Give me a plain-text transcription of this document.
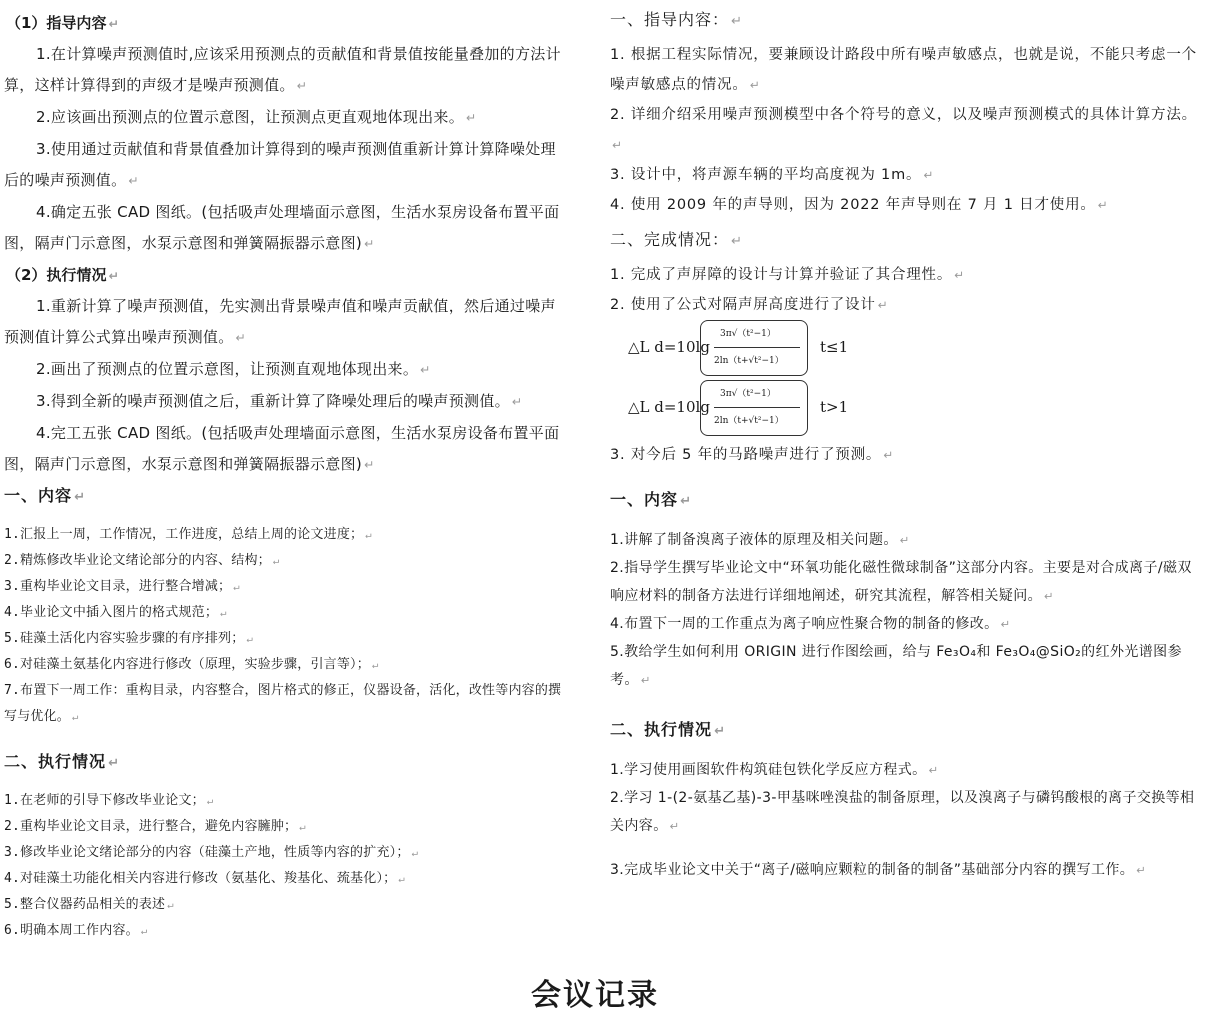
（1）指导内容 ↵

1.在计算噪声预测值时,应该采用预测点的贡献值和背景值按能量叠加的方法计算，这样计算得到的声级才是噪声预测值。 ↵

2.应该画出预测点的位置示意图，让预测点更直观地体现出来。 ↵

3.使用通过贡献值和背景值叠加计算得到的噪声预测值重新计算计算降噪处理后的噪声预测值。 ↵

4.确定五张 CAD 图纸。(包括吸声处理墙面示意图，生活水泵房设备布置平面图，隔声门示意图，水泵示意图和弹簧隔振器示意图) ↵

（2）执行情况 ↵

1.重新计算了噪声预测值，先实测出背景噪声值和噪声贡献值，然后通过噪声预测值计算公式算出噪声预测值。 ↵

2.画出了预测点的位置示意图，让预测直观地体现出来。 ↵

3.得到全新的噪声预测值之后，重新计算了降噪处理后的噪声预测值。 ↵

4.完工五张 CAD 图纸。(包括吸声处理墙面示意图，生活水泵房设备布置平面图，隔声门示意图，水泵示意图和弹簧隔振器示意图) ↵

一、指导内容： ↵

1. 根据工程实际情况，要兼顾设计路段中所有噪声敏感点，也就是说，不能只考虑一个噪声敏感点的情况。 ↵

2. 详细介绍采用噪声预测模型中各个符号的意义，以及噪声预测模式的具体计算方法。↵

3. 设计中，将声源车辆的平均高度视为 1m。 ↵

4. 使用 2009 年的声导则，因为 2022 年声导则在 7 月 1 日才使用。 ↵

二、完成情况： ↵

1. 完成了声屏障的设计与计算并验证了其合理性。 ↵

2. 使用了公式对隔声屏高度进行了设计 ↵

△L d=10lg
3π√（t²−1）
2ln（t+√t²−1）
t≤1
△L d=10lg
3π√（t²−1）
2ln（t+√t²−1）
t>1

3. 对今后 5 年的马路噪声进行了预测。 ↵

一、内容 ↵

1.汇报上一周，工作情况，工作进度，总结上周的论文进度； ↵

2.精炼修改毕业论文绪论部分的内容、结构； ↵

3.重构毕业论文目录，进行整合增减； ↵

4.毕业论文中插入图片的格式规范； ↵

5.硅藻土活化内容实验步骤的有序排列； ↵

6.对硅藻土氨基化内容进行修改（原理，实验步骤，引言等）； ↵

7.布置下一周工作：重构目录，内容整合，图片格式的修正，仪器设备，活化，改性等内容的撰写与优化。 ↵

二、执行情况 ↵

1.在老师的引导下修改毕业论文； ↵

2.重构毕业论文目录，进行整合，避免内容臃肿； ↵

3.修改毕业论文绪论部分的内容（硅藻土产地，性质等内容的扩充）； ↵

4.对硅藻土功能化相关内容进行修改（氨基化、羧基化、巯基化）； ↵

5.整合仪器药品相关的表述 ↵

6.明确本周工作内容。 ↵

一、内容 ↵

1.讲解了制备溴离子液体的原理及相关问题。 ↵

2.指导学生撰写毕业论文中“环氧功能化磁性微球制备”这部分内容。主要是对合成离子/磁双响应材料的制备方法进行详细地阐述，研究其流程，解答相关疑问。 ↵

4.布置下一周的工作重点为离子响应性聚合物的制备的修改。 ↵

5.教给学生如何利用 ORIGIN 进行作图绘画，给与 Fe₃O₄和 Fe₃O₄@SiO₂的红外光谱图参考。 ↵

二、执行情况 ↵

1.学习使用画图软件构筑硅包铁化学反应方程式。 ↵

2.学习 1-(2-氨基乙基)-3-甲基咪唑溴盐的制备原理，以及溴离子与磷钨酸根的离子交换等相关内容。 ↵

3.完成毕业论文中关于“离子/磁响应颗粒的制备的制备”基础部分内容的撰写工作。 ↵

会议记录
